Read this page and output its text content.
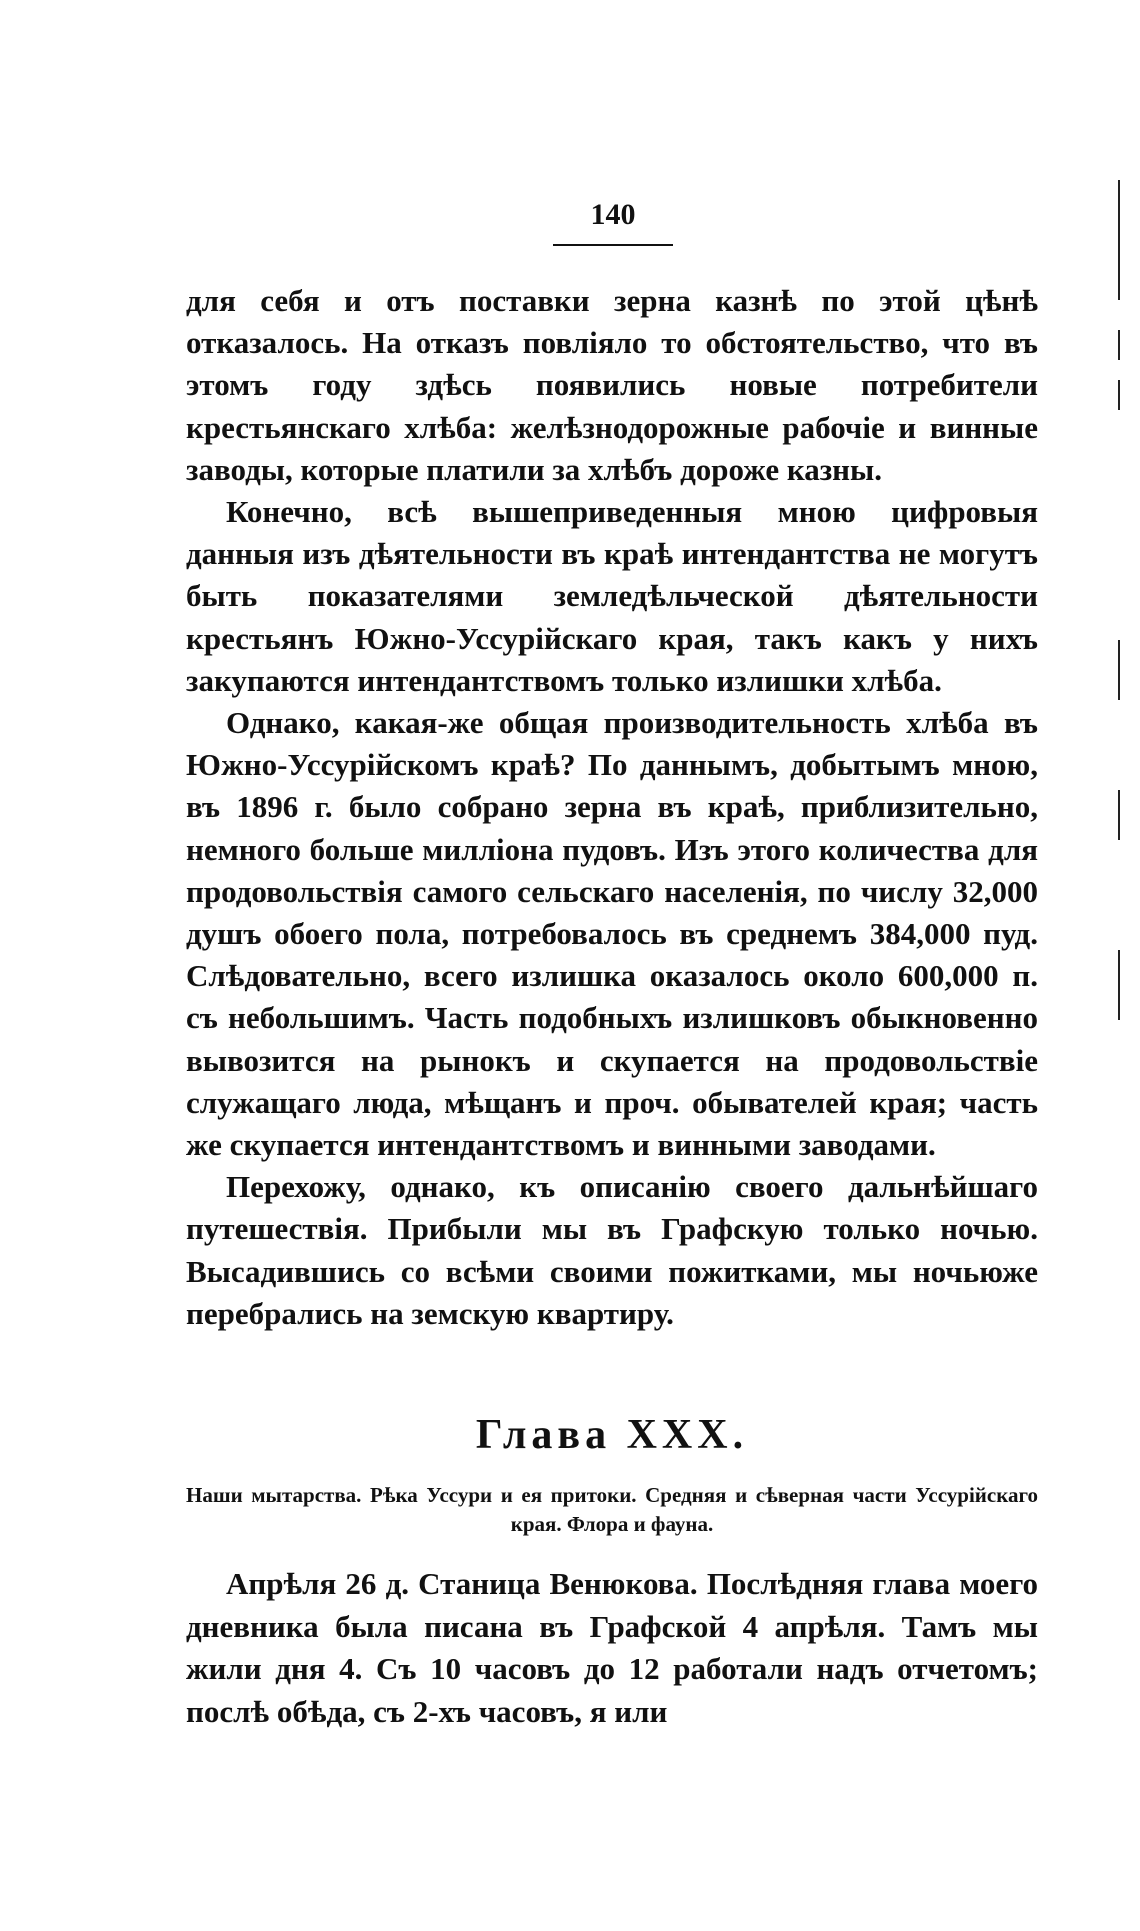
140

для себя и отъ поставки зерна казнѣ по этой цѣнѣ отказалось. На отказъ повліяло то обстоятельство, что въ этомъ году здѣсь появились новые потребители крестьянскаго хлѣба: желѣзнодорожные рабочіе и винные заводы, которые платили за хлѣбъ дороже казны.

Конечно, всѣ вышеприведенныя мною цифровыя данныя изъ дѣятельности въ краѣ интендантства не могутъ быть показателями земледѣльческой дѣятельности крестьянъ Южно-Уссурійскаго края, такъ какъ у нихъ закупаются интендантствомъ только излишки хлѣба.

Однако, какая-же общая производительность хлѣба въ Южно-Уссурійскомъ краѣ? По даннымъ, добытымъ мною, въ 1896 г. было собрано зерна въ краѣ, приблизительно, немного больше милліона пудовъ. Изъ этого количества для продовольствія самого сельскаго населенія, по числу 32,000 душъ обоего пола, потребовалось въ среднемъ 384,000 пуд. Слѣдовательно, всего излишка оказалось около 600,000 п. съ небольшимъ. Часть подобныхъ излишковъ обыкновенно вывозится на рынокъ и скупается на продовольствіе служащаго люда, мѣщанъ и проч. обывателей края; часть же скупается интендантствомъ и винными заводами.

Перехожу, однако, къ описанію своего дальнѣйшаго путешествія. Прибыли мы въ Графскую только ночью. Высадившись со всѣми своими пожитками, мы ночьюже перебрались на земскую квартиру.

Глава XXX.
Наши мытарства. Рѣка Уссури и ея притоки. Средняя и сѣверная части Уссурійскаго края. Флора и фауна.

Апрѣля 26 д. Станица Венюкова. Послѣдняя глава моего дневника была писана въ Графской 4 апрѣля. Тамъ мы жили дня 4. Съ 10 часовъ до 12 работали надъ отчетомъ; послѣ обѣда, съ 2-хъ часовъ, я или
